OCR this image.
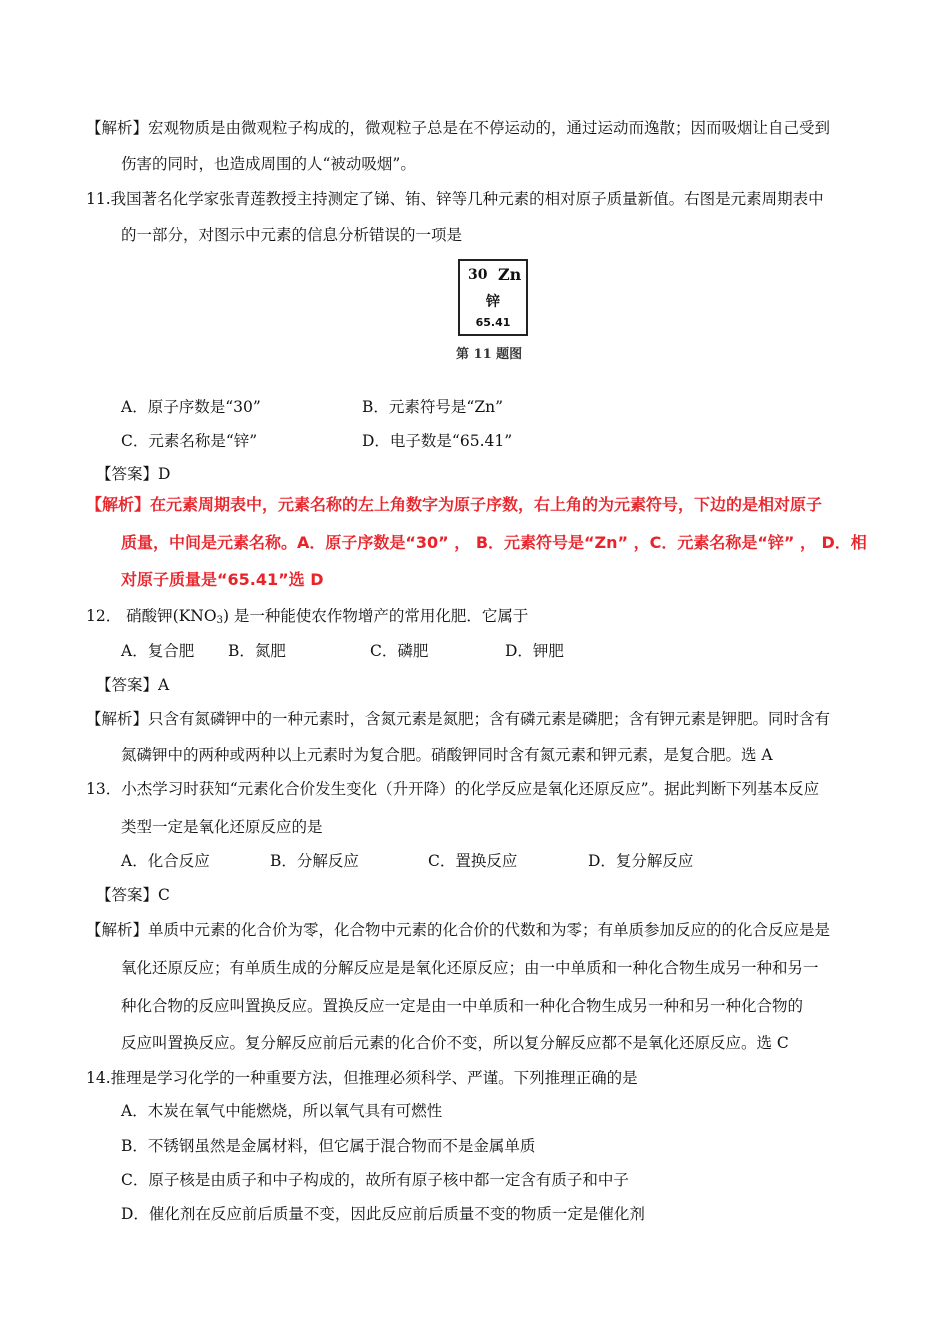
【解析】宏观物质是由微观粒子构成的，微观粒子总是在不停运动的，通过运动而逸散；因而吸烟让自己受到
伤害的同时，也造成周围的人“被动吸烟”。
11.我国著名化学家张青莲教授主持测定了锑、铕、锌等几种元素的相对原子质量新值。右图是元素周期表中
的一部分，对图示中元素的信息分析错误的一项是
30 Zn
锌
65.41
第 11 题图
A．原子序数是“30”	B．元素符号是“Zn”
C．元素名称是“锌”	D．电子数是“65.41”
【答案】D
【解析】在元素周期表中，元素名称的左上角数字为原子序数，右上角的为元素符号，下边的是相对原子
质量，中间是元素名称。A．原子序数是“30” ， B．元素符号是“Zn” ，C．元素名称是“锌” ， D．相
对原子质量是“65.41”选 D
12． 硝酸钾$(KNO_3)$ 是一种能使农作物增产的常用化肥．它属于
A．复合肥 B．氮肥	C．磷肥	D．钾肥
【答案】A
【解析】只含有氮磷钾中的一种元素时，含氮元素是氮肥；含有磷元素是磷肥；含有钾元素是钾肥。同时含有
氮磷钾中的两种或两种以上元素时为复合肥。硝酸钾同时含有氮元素和钾元素，是复合肥。选 A
13．小杰学习时获知“元素化合价发生变化（升开降）的化学反应是氧化还原反应”。据此判断下列基本反应
类型一定是氧化还原反应的是
A．化合反应	B．分解反应	C．置换反应	D．复分解反应
【答案】C
【解析】单质中元素的化合价为零，化合物中元素的化合价的代数和为零；有单质参加反应的的化合反应是是
氧化还原反应；有单质生成的分解反应是是氧化还原反应；由一中单质和一种化合物生成另一种和另一
种化合物的反应叫置换反应。置换反应一定是由一中单质和一种化合物生成另一种和另一种化合物的
反应叫置换反应。复分解反应前后元素的化合价不变，所以复分解反应都不是氧化还原反应。选 C
14.推理是学习化学的一种重要方法，但推理必须科学、严谨。下列推理正确的是
A．木炭在氧气中能燃烧，所以氧气具有可燃性
B．不锈钢虽然是金属材料，但它属于混合物而不是金属单质
C．原子核是由质子和中子构成的，故所有原子核中都一定含有质子和中子
D．催化剂在反应前后质量不变，因此反应前后质量不变的物质一定是催化剂
